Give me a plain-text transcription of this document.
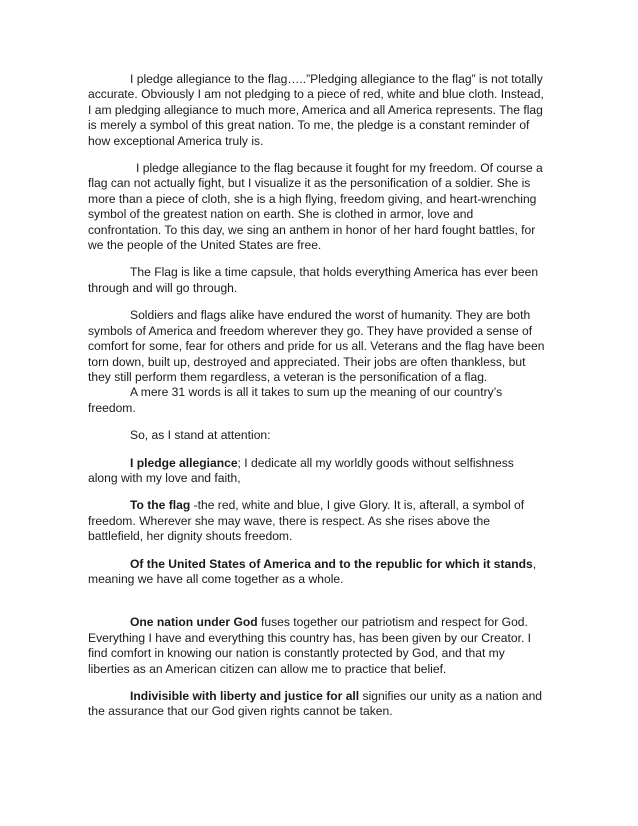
I pledge allegiance to the flag…..”Pledging allegiance to the flag” is not totally accurate. Obviously I am not pledging to a piece of red, white and blue cloth. Instead, I am pledging allegiance to much more, America and all America represents. The flag is merely a symbol of this great nation. To me, the pledge is a constant reminder of how exceptional America truly is.

I pledge allegiance to the flag because it fought for my freedom. Of course a flag can not actually fight, but I visualize it as the personification of a soldier. She is more than a piece of cloth, she is a high flying, freedom giving, and heart-wrenching symbol of the greatest nation on earth. She is clothed in armor, love and confrontation. To this day, we sing an anthem in honor of her hard fought battles, for we the people of the United States are free.

The Flag is like a time capsule, that holds everything America has ever been through and will go through.

Soldiers and flags alike have endured the worst of humanity. They are both symbols of America and freedom wherever they go. They have provided a sense of comfort for some, fear for others and pride for us all. Veterans and the flag have been torn down, built up, destroyed and appreciated. Their jobs are often thankless, but they still perform them regardless, a veteran is the personification of a flag.

A mere 31 words is all it takes to sum up the meaning of our country’s freedom.

So, as I stand at attention:

I pledge allegiance; I dedicate all my worldly goods without selfishness along with my love and faith,

To the flag -the red, white and blue, I give Glory. It is, afterall, a symbol of freedom. Wherever she may wave, there is respect. As she rises above the battlefield, her dignity shouts freedom.

Of the United States of America and to the republic for which it stands, meaning we have all come together as a whole.

One nation under God fuses together our patriotism and respect for God. Everything I have and everything this country has, has been given by our Creator. I find comfort in knowing our nation is constantly protected by God, and that my liberties as an American citizen can allow me to practice that belief.

Indivisible with liberty and justice for all signifies our unity as a nation and the assurance that our God given rights cannot be taken.
